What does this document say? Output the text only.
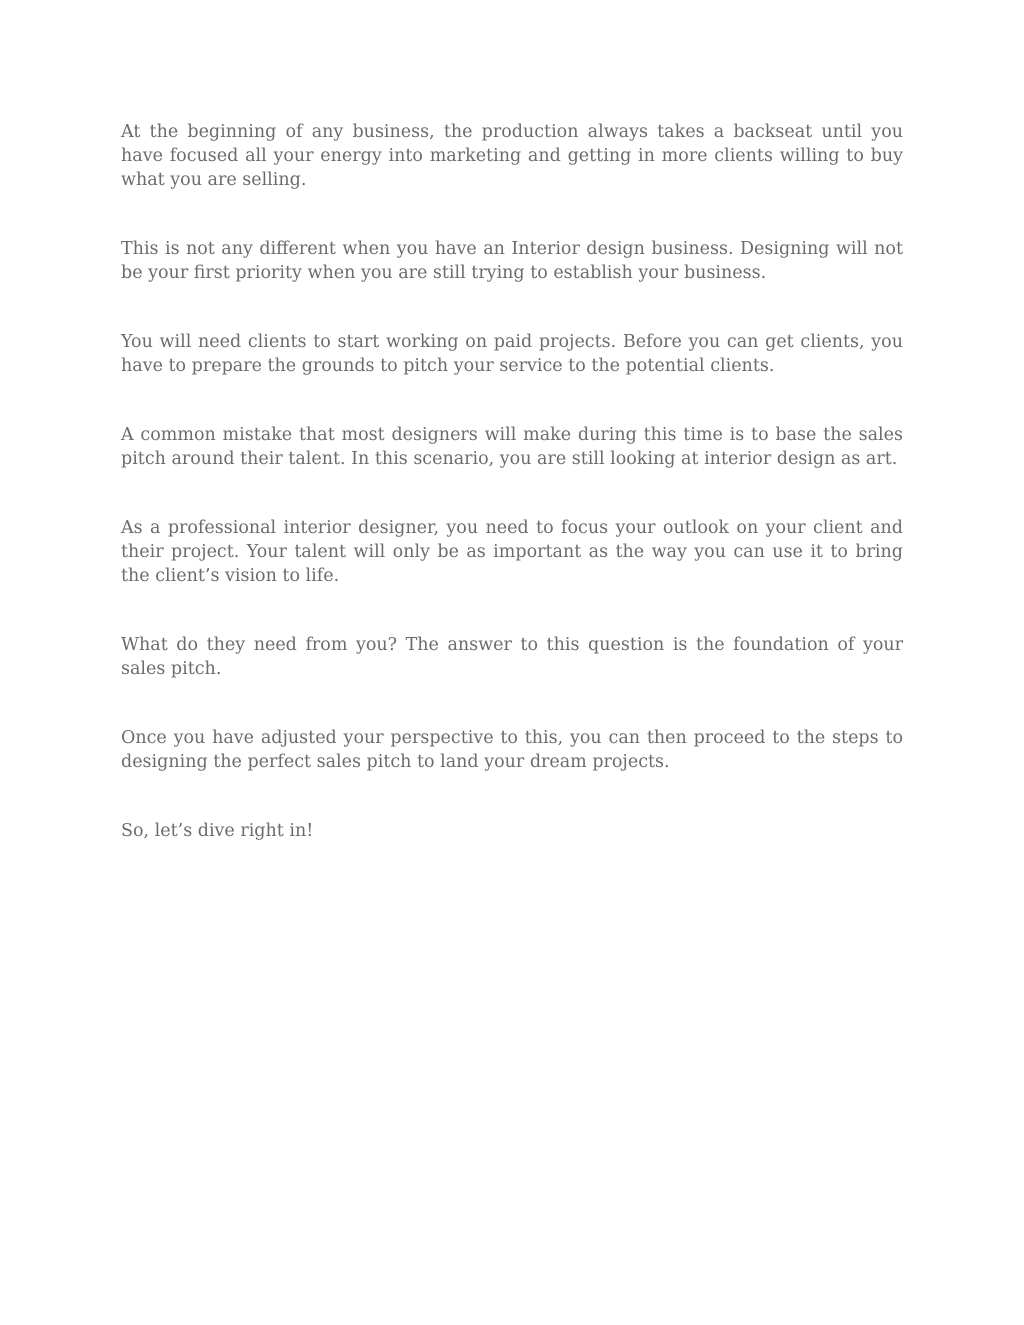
At the beginning of any business, the production always takes a backseat until you have focused all your energy into marketing and getting in more clients willing to buy what you are selling.

This is not any different when you have an Interior design business. Designing will not be your first priority when you are still trying to establish your business.

You will need clients to start working on paid projects. Before you can get clients, you have to prepare the grounds to pitch your service to the potential clients.

A common mistake that most designers will make during this time is to base the sales pitch around their talent. In this scenario, you are still looking at interior design as art.

As a professional interior designer, you need to focus your outlook on your client and their project. Your talent will only be as important as the way you can use it to bring the client’s vision to life.

What do they need from you? The answer to this question is the foundation of your sales pitch.

Once you have adjusted your perspective to this, you can then proceed to the steps to designing the perfect sales pitch to land your dream projects.

So, let’s dive right in!
